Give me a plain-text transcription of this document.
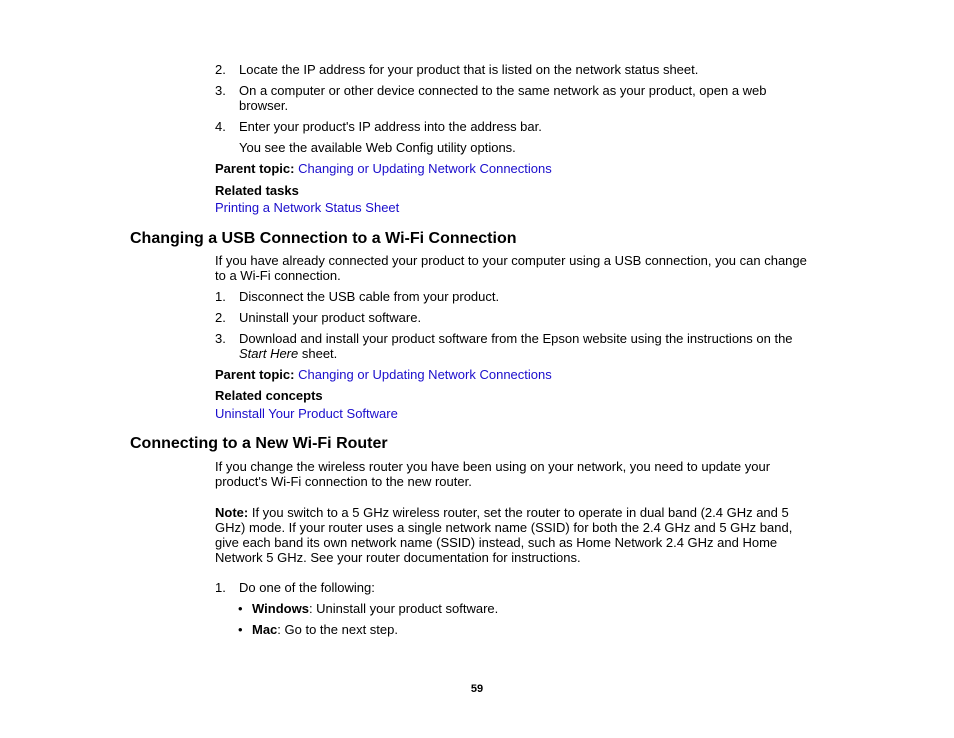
2. Locate the IP address for your product that is listed on the network status sheet.
3. On a computer or other device connected to the same network as your product, open a web browser.
4. Enter your product's IP address into the address bar.
You see the available Web Config utility options.
Parent topic: Changing or Updating Network Connections
Related tasks
Printing a Network Status Sheet
Changing a USB Connection to a Wi-Fi Connection
If you have already connected your product to your computer using a USB connection, you can change to a Wi-Fi connection.
1. Disconnect the USB cable from your product.
2. Uninstall your product software.
3. Download and install your product software from the Epson website using the instructions on the Start Here sheet.
Parent topic: Changing or Updating Network Connections
Related concepts
Uninstall Your Product Software
Connecting to a New Wi-Fi Router
If you change the wireless router you have been using on your network, you need to update your product's Wi-Fi connection to the new router.
Note: If you switch to a 5 GHz wireless router, set the router to operate in dual band (2.4 GHz and 5 GHz) mode. If your router uses a single network name (SSID) for both the 2.4 GHz and 5 GHz band, give each band its own network name (SSID) instead, such as Home Network 2.4 GHz and Home Network 5 GHz. See your router documentation for instructions.
1. Do one of the following:
• Windows: Uninstall your product software.
• Mac: Go to the next step.
59
